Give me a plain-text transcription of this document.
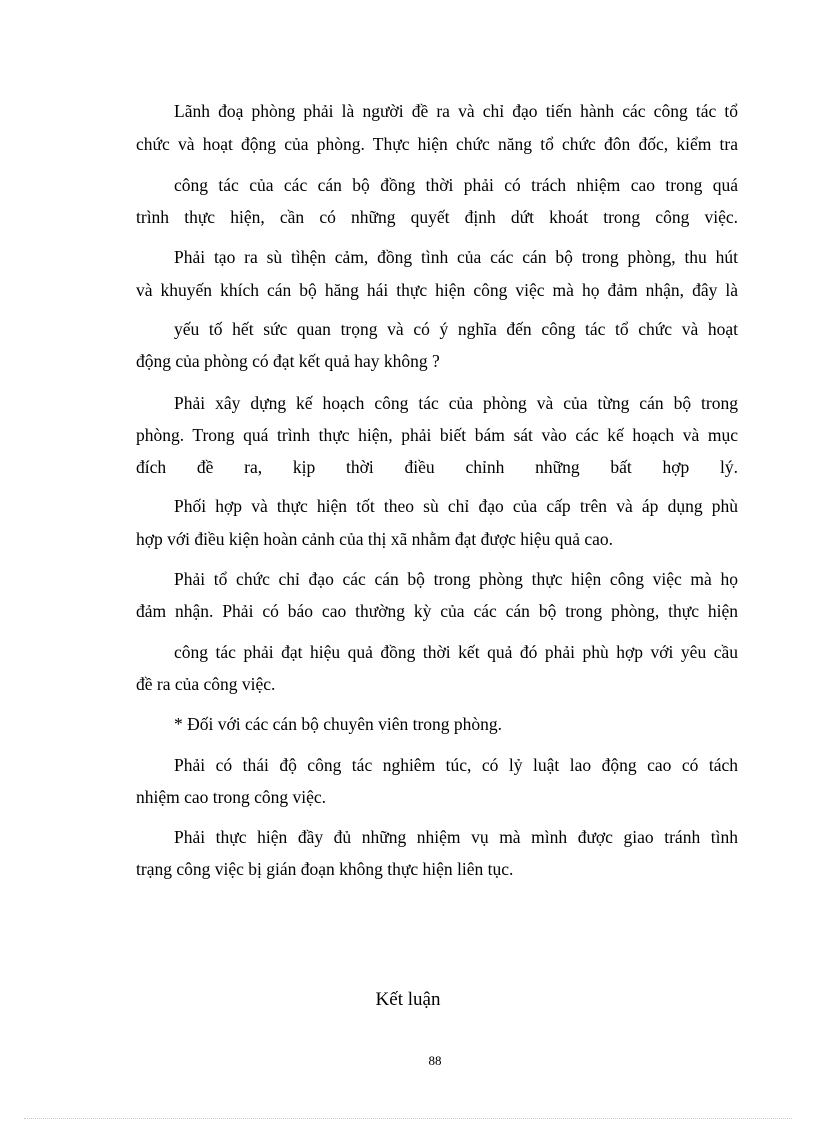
Lãnh đoạ phòng phải là người đề ra và chỉ đạo tiến hành các công tác tổ
chức và hoạt động của phòng. Thực hiện chức năng tổ chức đôn đốc, kiểm tra
công tác của các cán bộ đồng thời phải có trách nhiệm cao trong quá
trình thực hiện, cần có những quyết định dứt khoát trong công việc.
Phải tạo ra sù tìhện cảm, đồng tình của các cán bộ trong phòng, thu hút
và khuyến khích cán bộ hăng hái thực hiện công việc mà họ đảm nhận, đây là
yếu tố hết sức quan trọng và có ý nghĩa đến công tác tổ chức và hoạt
động của phòng có đạt kết quả hay không ?
Phải xây dựng kế hoạch công tác của phòng và của từng cán bộ trong
phòng. Trong quá trình thực hiện, phải biết bám sát vào các kế hoạch và mục
đích đề ra, kịp thời điều chỉnh những bất hợp lý.
Phối hợp và thực hiện tốt theo sù chỉ đạo của cấp trên và áp dụng phù
hợp với điều kiện hoàn cảnh của thị xã nhằm đạt được hiệu quả cao.
Phải tổ chức chỉ đạo các cán bộ trong phòng thực hiện công việc mà họ
đảm nhận. Phải có báo cao thường kỳ của các cán bộ trong phòng, thực hiện
công tác phải đạt hiệu quả đồng thời kết quả đó phải phù hợp với yêu cầu
đề ra của công việc.
* Đối với các cán bộ chuyên viên trong phòng.
Phải có thái độ công tác nghiêm túc, có lỷ luật lao động cao có tách
nhiệm cao trong công việc.
Phải thực hiện đầy đủ những nhiệm vụ mà mình được giao tránh tình
trạng công việc bị gián đoạn không thực hiện liên tục.
Kết luận
88
